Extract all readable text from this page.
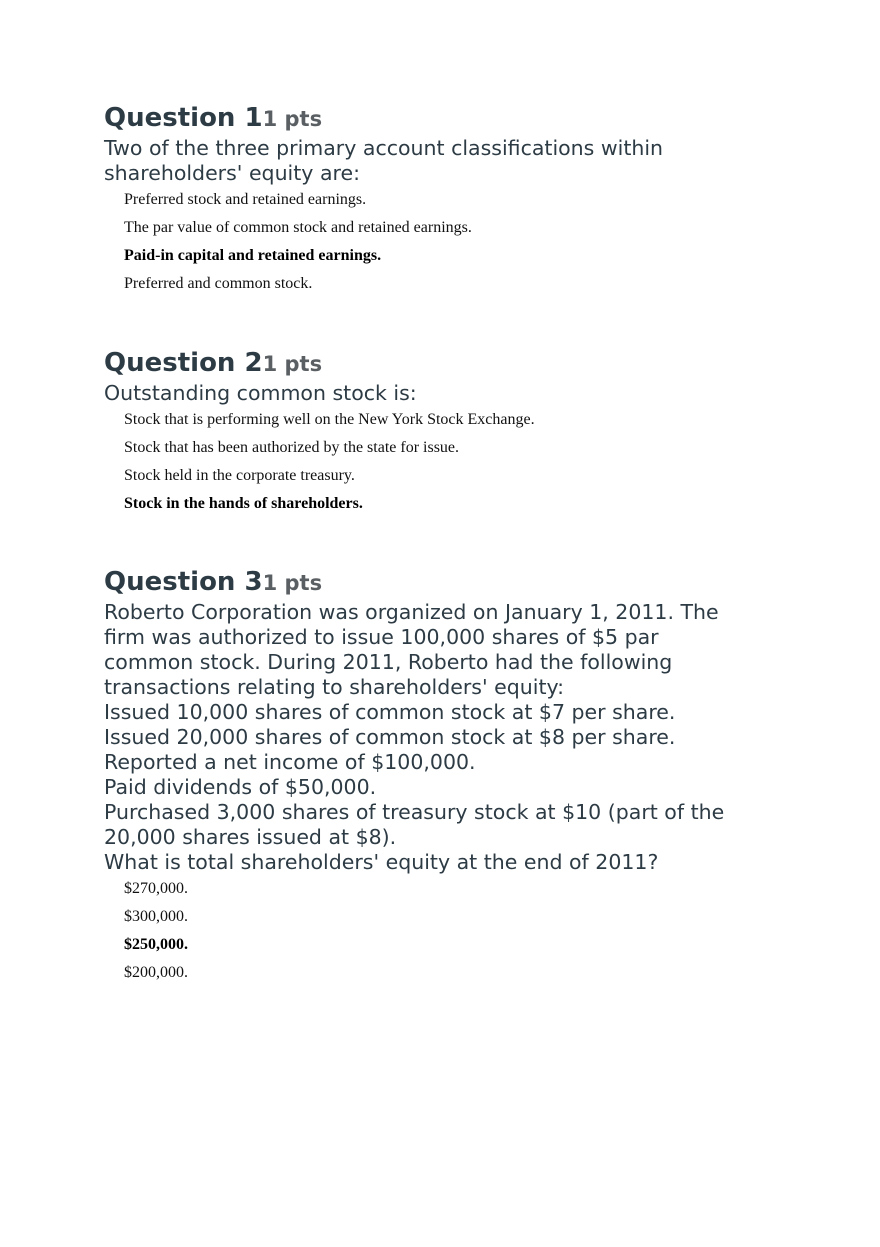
Question 11 pts

Two of the three primary account classifications within
shareholders' equity are:

Preferred stock and retained earnings.
The par value of common stock and retained earnings.
Paid-in capital and retained earnings.
Preferred and common stock.
Question 21 pts

Outstanding common stock is:

Stock that is performing well on the New York Stock Exchange.
Stock that has been authorized by the state for issue.
Stock held in the corporate treasury.
Stock in the hands of shareholders.
Question 31 pts

Roberto Corporation was organized on January 1, 2011. The
firm was authorized to issue 100,000 shares of $5 par
common stock. During 2011, Roberto had the following
transactions relating to shareholders' equity:
Issued 10,000 shares of common stock at $7 per share.
Issued 20,000 shares of common stock at $8 per share.
Reported a net income of $100,000.
Paid dividends of $50,000.
Purchased 3,000 shares of treasury stock at $10 (part of the
20,000 shares issued at $8).
What is total shareholders' equity at the end of 2011?

$270,000.
$300,000.
$250,000.
$200,000.
